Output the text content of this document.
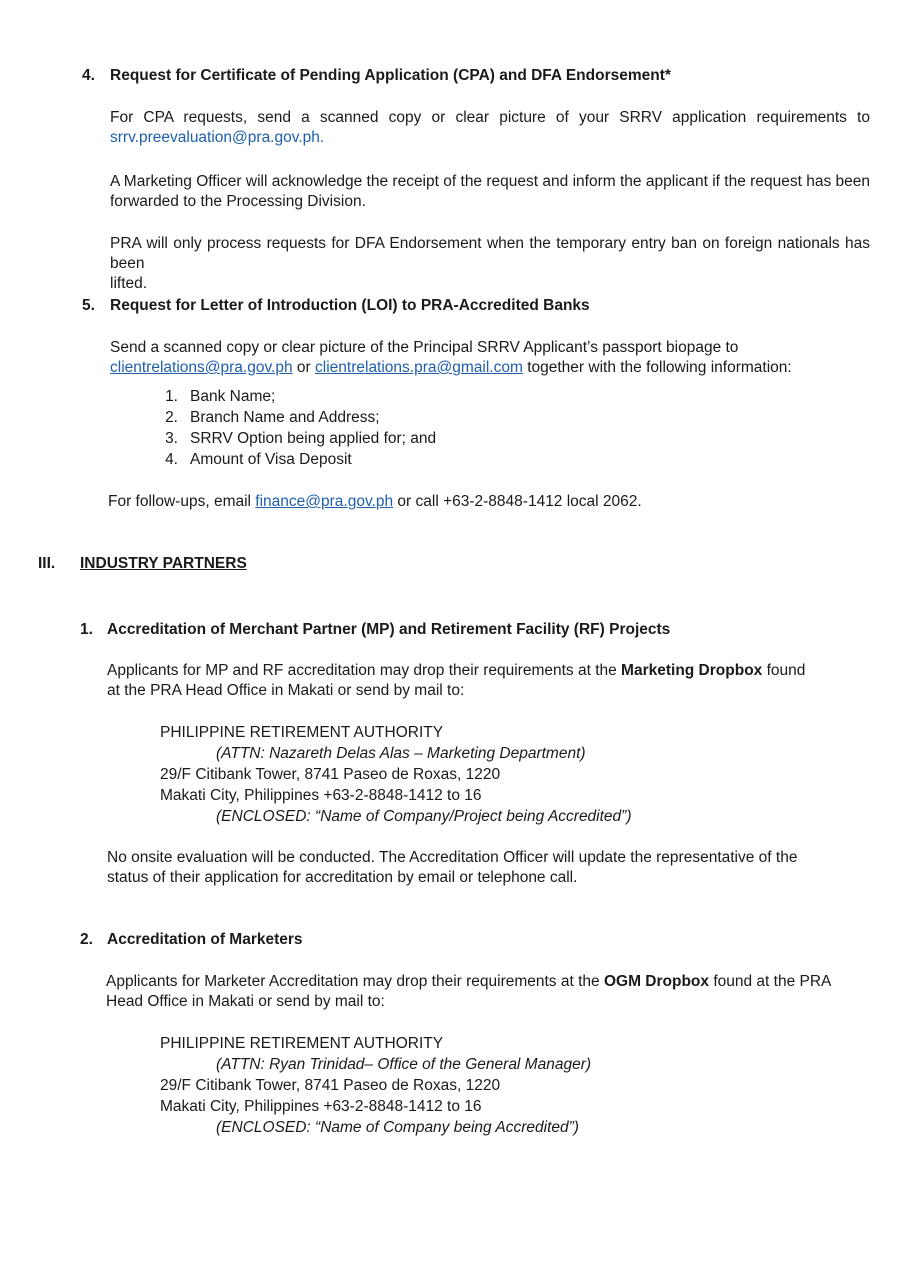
4. Request for Certificate of Pending Application (CPA) and DFA Endorsement*
For CPA requests, send a scanned copy or clear picture of your SRRV application requirements to
srrv.preevaluation@pra.gov.ph.
A Marketing Officer will acknowledge the receipt of the request and inform the applicant if the request has been
forwarded to the Processing Division.
PRA will only process requests for DFA Endorsement when the temporary entry ban on foreign nationals has been
lifted.
5. Request for Letter of Introduction (LOI) to PRA-Accredited Banks
Send a scanned copy or clear picture of the Principal SRRV Applicant’s passport biopage to
clientrelations@pra.gov.ph or clientrelations.pra@gmail.com together with the following information:
1. Bank Name;
2. Branch Name and Address;
3. SRRV Option being applied for; and
4. Amount of Visa Deposit
For follow-ups, email finance@pra.gov.ph or call +63-2-8848-1412 local 2062.
III. INDUSTRY PARTNERS
1. Accreditation of Merchant Partner (MP) and Retirement Facility (RF) Projects
Applicants for MP and RF accreditation may drop their requirements at the Marketing Dropbox found
at the PRA Head Office in Makati or send by mail to:
PHILIPPINE RETIREMENT AUTHORITY
(ATTN: Nazareth Delas Alas – Marketing Department)
29/F Citibank Tower, 8741 Paseo de Roxas, 1220
Makati City, Philippines +63-2-8848-1412 to 16
(ENCLOSED: “Name of Company/Project being Accredited”)
No onsite evaluation will be conducted. The Accreditation Officer will update the representative of the
status of their application for accreditation by email or telephone call.
2. Accreditation of Marketers
Applicants for Marketer Accreditation may drop their requirements at the OGM Dropbox found at the PRA
Head Office in Makati or send by mail to:
PHILIPPINE RETIREMENT AUTHORITY
(ATTN: Ryan Trinidad– Office of the General Manager)
29/F Citibank Tower, 8741 Paseo de Roxas, 1220
Makati City, Philippines +63-2-8848-1412 to 16
(ENCLOSED: “Name of Company being Accredited”)
